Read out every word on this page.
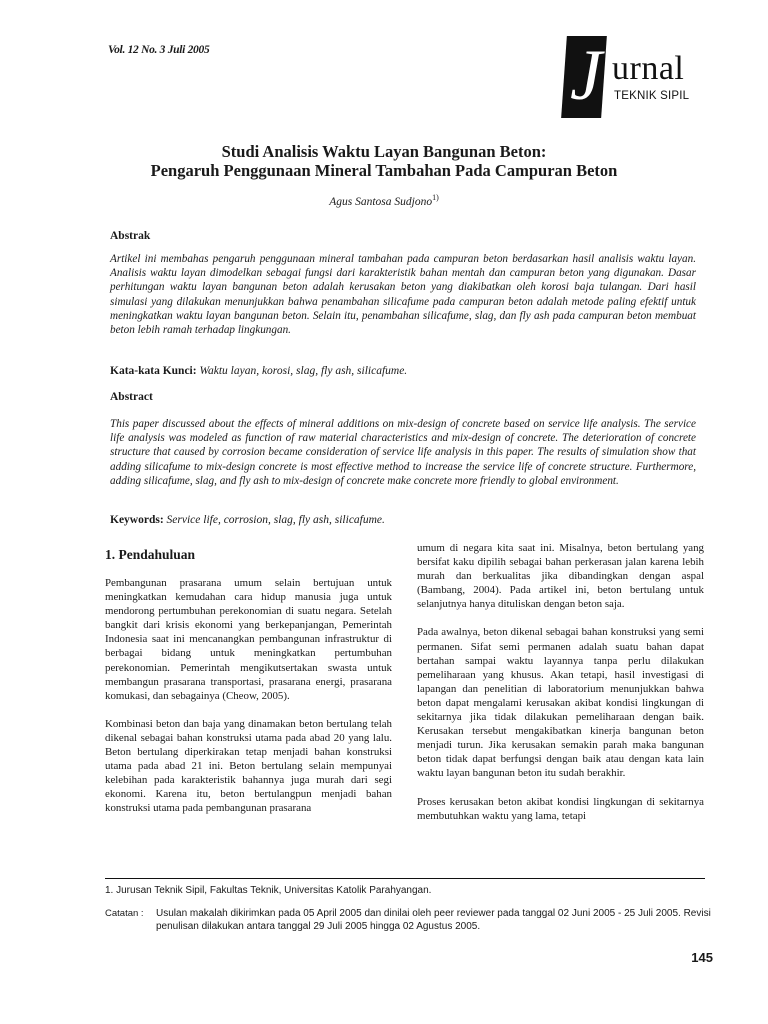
Vol. 12 No. 3 Juli 2005	J urnal
TEKNIK SIPIL
Studi Analisis Waktu Layan Bangunan Beton:
Pengaruh Penggunaan Mineral Tambahan Pada Campuran Beton
Agus Santosa Sudjono$^{1)}$
Abstrak
Artikel ini membahas pengaruh penggunaan mineral tambahan pada campuran beton berdasarkan hasil analisis waktu layan. Analisis waktu layan dimodelkan sebagai fungsi dari karakteristik bahan mentah dan campuran beton yang digunakan. Dasar perhitungan waktu layan bangunan beton adalah kerusakan beton yang diakibatkan oleh korosi baja tulangan. Dari hasil simulasi yang dilakukan menunjukkan bahwa penambahan silicafume pada campuran beton adalah metode paling efektif untuk meningkatkan waktu layan bangunan beton. Selain itu, penambahan silicafume, slag, dan fly ash pada campuran beton membuat beton lebih ramah terhadap lingkungan.
Kata-kata Kunci: Waktu layan, korosi, slag, fly ash, silicafume.
Abstract
This paper discussed about the effects of mineral additions on mix-design of concrete based on service life analysis. The service life analysis was modeled as function of raw material characteristics and mix-design of concrete. The deterioration of concrete structure that caused by corrosion became consideration of service life analysis in this paper. The results of simulation show that adding silicafume to mix-design concrete is most effective method to increase the service life of concrete structure. Furthermore, adding silicafume, slag, and fly ash to mix-design of concrete make concrete more friendly to global environment.
Keywords: Service life, corrosion, slag, fly ash, silicafume.
1. Pendahuluan

Pembangunan prasarana umum selain bertujuan untuk meningkatkan kemudahan cara hidup manusia juga untuk mendorong pertumbuhan perekonomian di suatu negara. Setelah bangkit dari krisis ekonomi yang berkepanjangan, Pemerintah Indonesia saat ini mencanangkan pembangunan infrastruktur di berbagai bidang untuk meningkatkan pertumbuhan perekonomian. Pemerintah mengikutsertakan swasta untuk membangun prasarana transportasi, prasarana energi, prasarana komukasi, dan sebagainya (Cheow, 2005).

Kombinasi beton dan baja yang dinamakan beton bertulang telah dikenal sebagai bahan konstruksi utama pada abad 20 yang lalu. Beton bertulang diperkirakan tetap menjadi bahan konstruksi utama pada abad 21 ini. Beton bertulang selain mempunyai kelebihan pada karakteristik bahannya juga murah dari segi ekonomi. Karena itu, beton bertulangpun menjadi bahan konstruksi utama pada pembangunan prasarana

umum di negara kita saat ini. Misalnya, beton bertulang yang bersifat kaku dipilih sebagai bahan perkerasan jalan karena lebih murah dan berkualitas jika dibandingkan dengan aspal (Bambang, 2004). Pada artikel ini, beton bertulang untuk selanjutnya hanya dituliskan dengan beton saja.

Pada awalnya, beton dikenal sebagai bahan konstruksi yang semi permanen. Sifat semi permanen adalah suatu bahan dapat bertahan sampai waktu layannya tanpa perlu dilakukan pemeliharaan yang khusus. Akan tetapi, hasil investigasi di lapangan dan penelitian di laboratorium menunjukkan bahwa beton dapat mengalami kerusakan akibat kondisi lingkungan di sekitarnya jika tidak dilakukan pemeliharaan dengan baik. Kerusakan tersebut mengakibatkan kinerja bangunan beton menjadi turun. Jika kerusakan semakin parah maka bangunan beton tidak dapat berfungsi dengan baik atau dengan kata lain waktu layan bangunan beton itu sudah berakhir.

Proses kerusakan beton akibat kondisi lingkungan di sekitarnya membutuhkan waktu yang lama, tetapi

1. Jurusan Teknik Sipil, Fakultas Teknik, Universitas Katolik Parahyangan.
Catatan : Usulan makalah dikirimkan pada 05 April 2005 dan dinilai oleh peer reviewer pada tanggal 02 Juni 2005 - 25 Juli 2005. Revisi penulisan dilakukan antara tanggal 29 Juli 2005 hingga 02 Agustus 2005.
145
